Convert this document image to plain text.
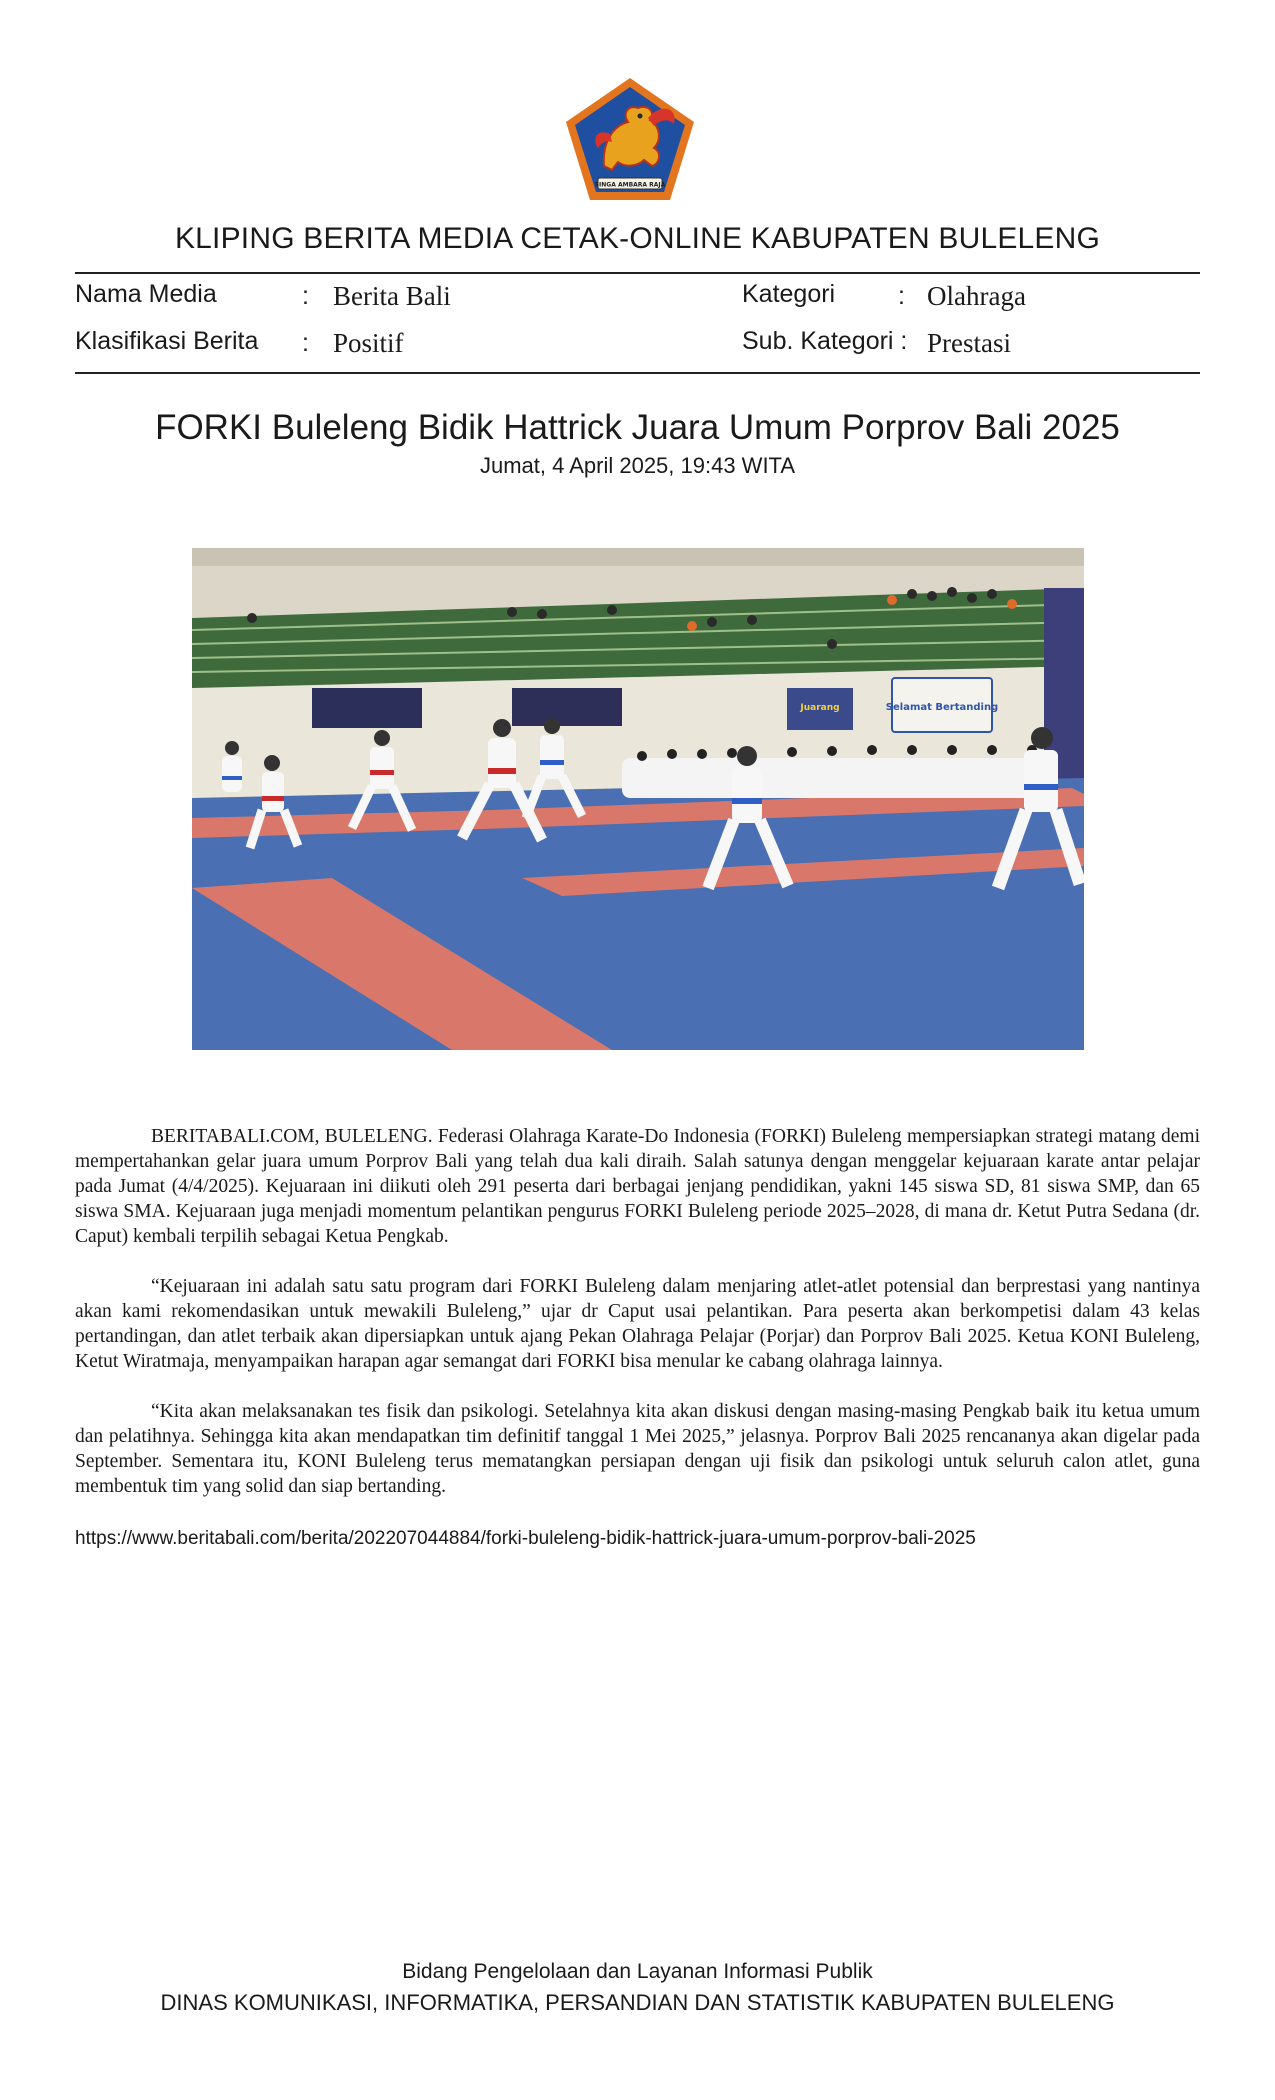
SINGA AMBARA RAJA
KLIPING BERITA MEDIA CETAK-ONLINE KABUPATEN BULELENG
Nama Media	: Berita Bali
Klasifikasi Berita : Positif
Kategori	: Olahraga
Sub. Kategori : Prestasi
FORKI Buleleng Bidik Hattrick Juara Umum Porprov Bali 2025
Jumat, 4 April 2025, 19:43 WITA
Juarang	Selamat Bertanding

BERITABALI.COM, BULELENG. Federasi Olahraga Karate-Do Indonesia (FORKI) Buleleng mempersiapkan strategi matang demi mempertahankan gelar juara umum Porprov Bali yang telah dua kali diraih. Salah satunya dengan menggelar kejuaraan karate antar pelajar pada Jumat (4/4/2025). Kejuaraan ini diikuti oleh 291 peserta dari berbagai jenjang pendidikan, yakni 145 siswa SD, 81 siswa SMP, dan 65 siswa SMA. Kejuaraan juga menjadi momentum pelantikan pengurus FORKI Buleleng periode 2025–2028, di mana dr. Ketut Putra Sedana (dr. Caput) kembali terpilih sebagai Ketua Pengkab.

“Kejuaraan ini adalah satu satu program dari FORKI Buleleng dalam menjaring atlet-atlet potensial dan berprestasi yang nantinya akan kami rekomendasikan untuk mewakili Buleleng,” ujar dr Caput usai pelantikan. Para peserta akan berkompetisi dalam 43 kelas pertandingan, dan atlet terbaik akan dipersiapkan untuk ajang Pekan Olahraga Pelajar (Porjar) dan Porprov Bali 2025. Ketua KONI Buleleng, Ketut Wiratmaja, menyampaikan harapan agar semangat dari FORKI bisa menular ke cabang olahraga lainnya.

“Kita akan melaksanakan tes fisik dan psikologi. Setelahnya kita akan diskusi dengan masing-masing Pengkab baik itu ketua umum dan pelatihnya. Sehingga kita akan mendapatkan tim definitif tanggal 1 Mei 2025,” jelasnya. Porprov Bali 2025 rencananya akan digelar pada September. Sementara itu, KONI Buleleng terus mematangkan persiapan dengan uji fisik dan psikologi untuk seluruh calon atlet, guna membentuk tim yang solid dan siap bertanding.

https://www.beritabali.com/berita/202207044884/forki-buleleng-bidik-hattrick-juara-umum-porprov-bali-2025
Bidang Pengelolaan dan Layanan Informasi Publik
DINAS KOMUNIKASI, INFORMATIKA, PERSANDIAN DAN STATISTIK KABUPATEN BULELENG
